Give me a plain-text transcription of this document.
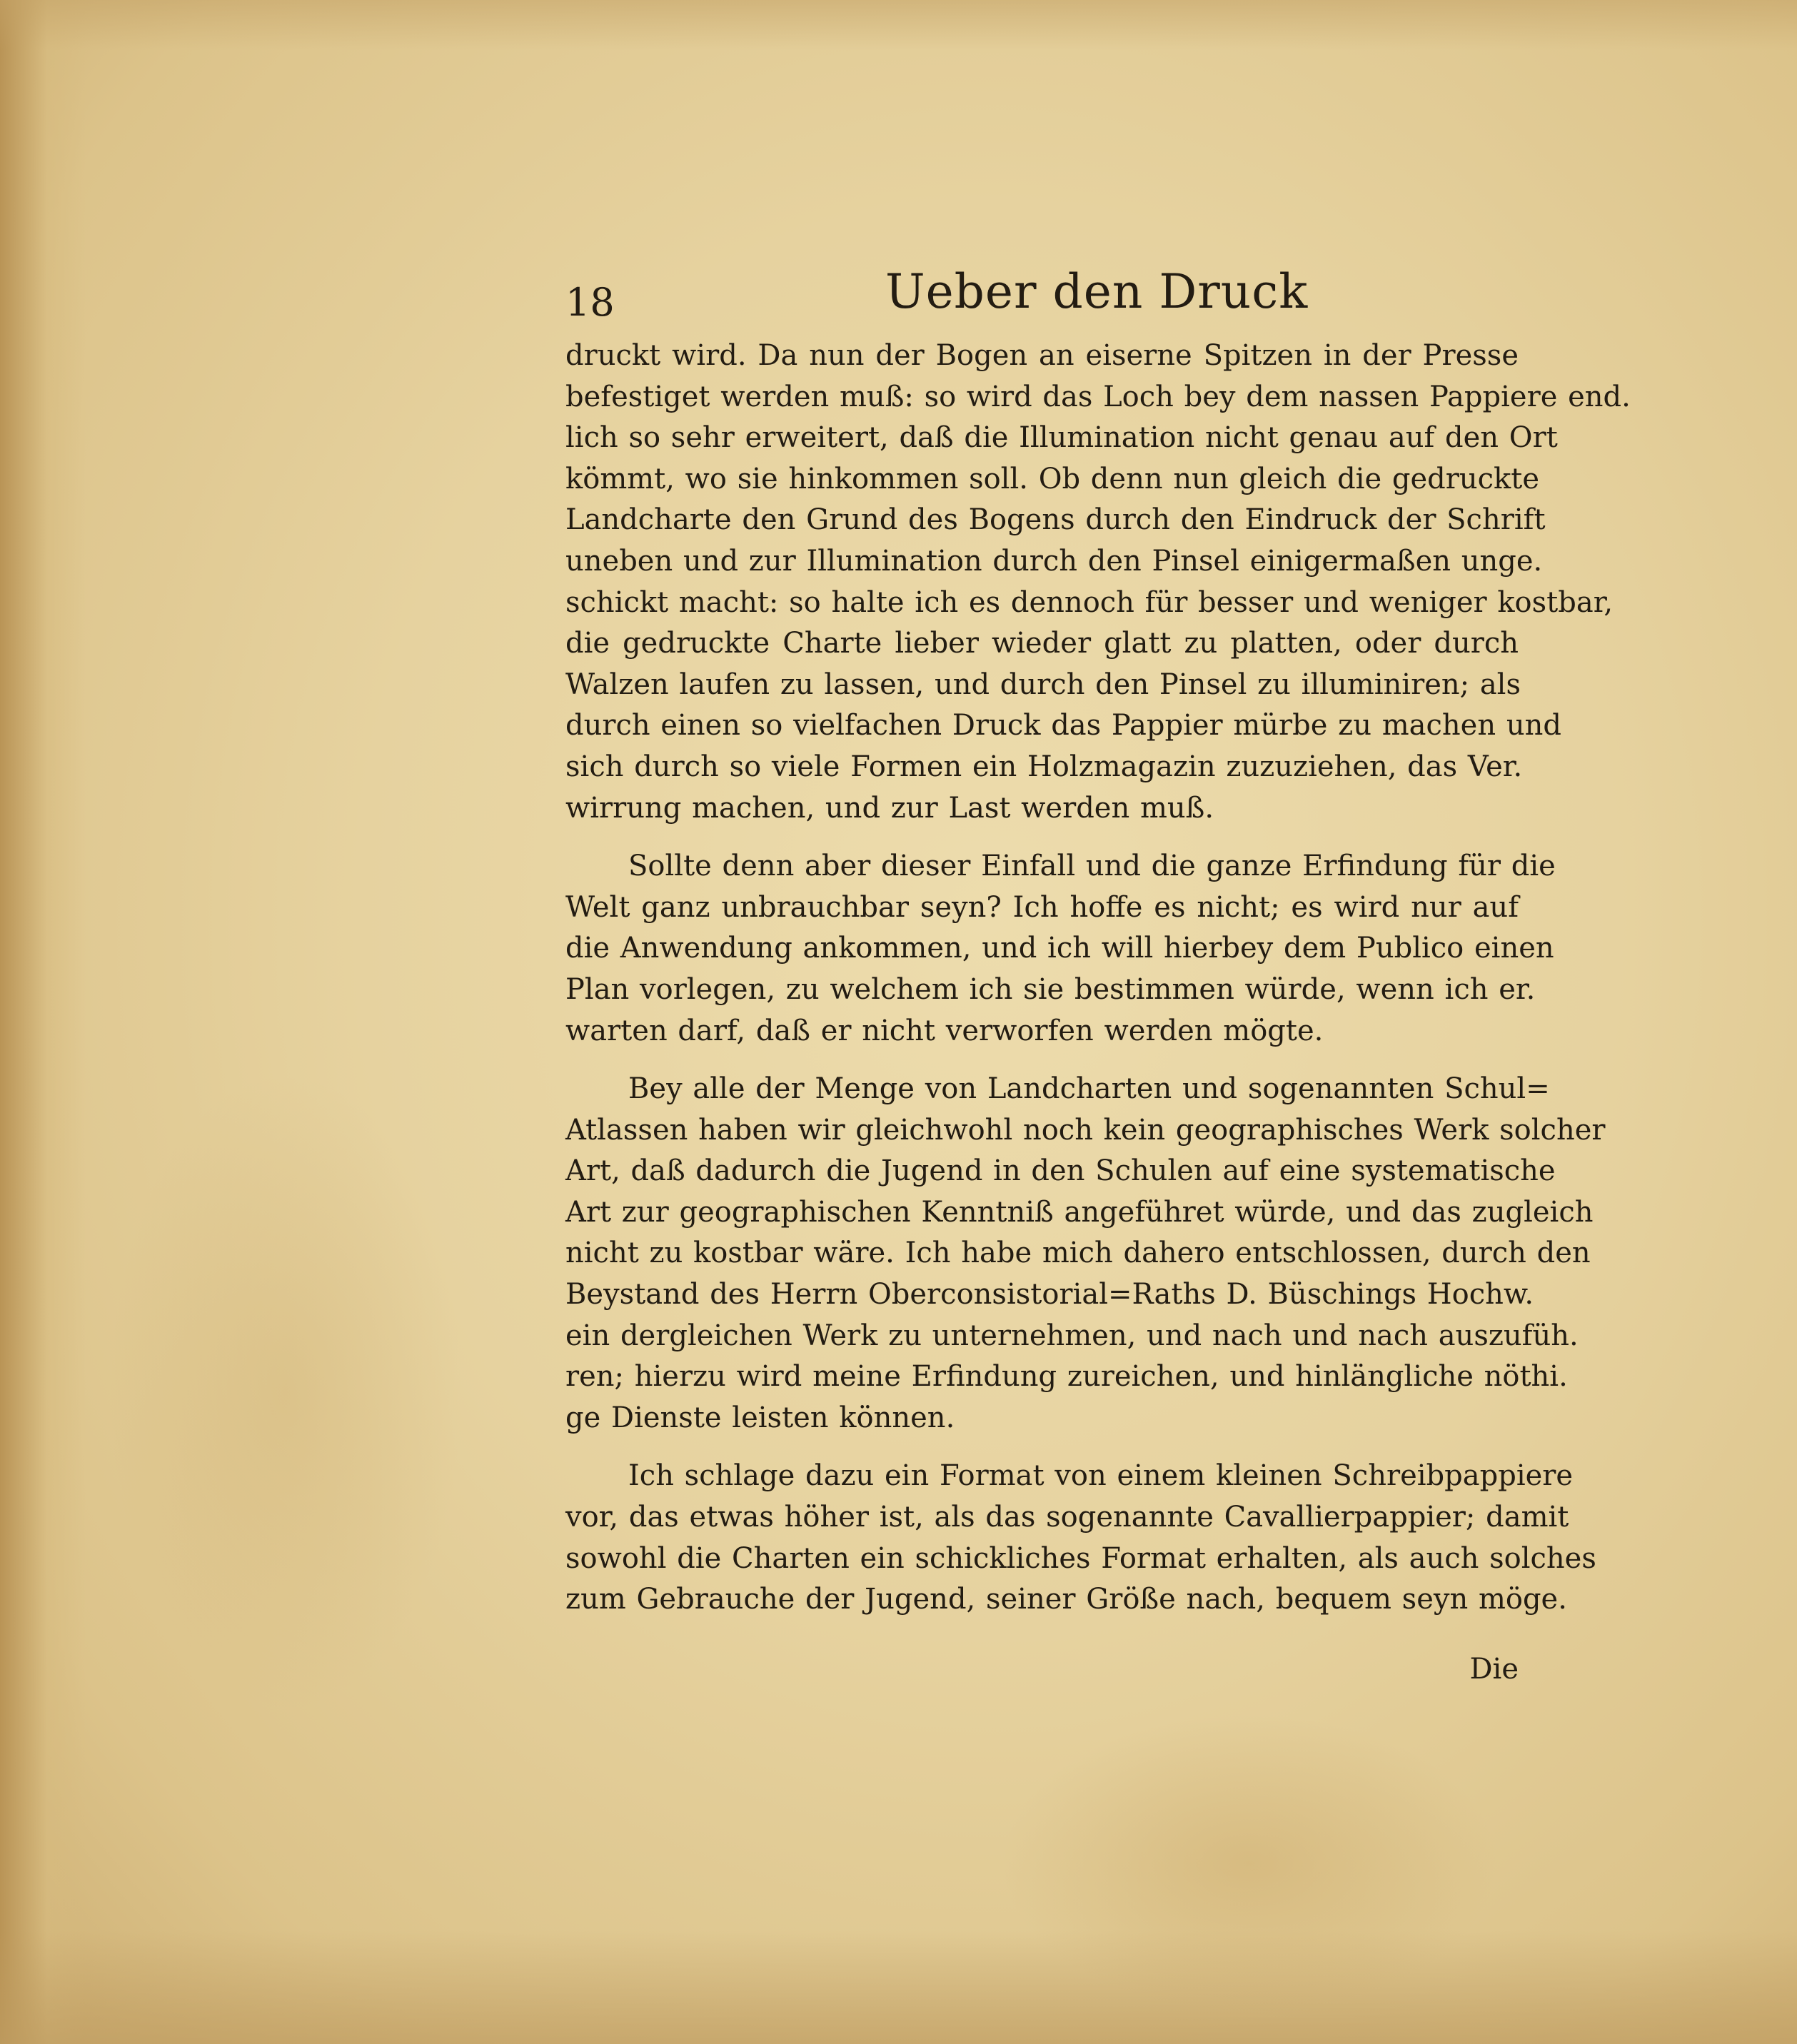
18	Ueber den Druck

druckt wird. Da nun der Bogen an eiserne Spitzen in der Presse
befestiget werden muß: so wird das Loch bey dem nassen Pappiere end.
lich so sehr erweitert, daß die Illumination nicht genau auf den Ort
kömmt, wo sie hinkommen soll. Ob denn nun gleich die gedruckte
Landcharte den Grund des Bogens durch den Eindruck der Schrift
uneben und zur Illumination durch den Pinsel einigermaßen unge.
schickt macht: so halte ich es dennoch für besser und weniger kostbar,
die gedruckte Charte lieber wieder glatt zu platten, oder durch
Walzen laufen zu lassen, und durch den Pinsel zu illuminiren; als
durch einen so vielfachen Druck das Pappier mürbe zu machen und
sich durch so viele Formen ein Holzmagazin zuzuziehen, das Ver.
wirrung machen, und zur Last werden muß.

Sollte denn aber dieser Einfall und die ganze Erfindung für die
Welt ganz unbrauchbar seyn? Ich hoffe es nicht; es wird nur auf
die Anwendung ankommen, und ich will hierbey dem Publico einen
Plan vorlegen, zu welchem ich sie bestimmen würde, wenn ich er.
warten darf, daß er nicht verworfen werden mögte.

Bey alle der Menge von Landcharten und sogenannten Schul=
Atlassen haben wir gleichwohl noch kein geographisches Werk solcher
Art, daß dadurch die Jugend in den Schulen auf eine systematische
Art zur geographischen Kenntniß angeführet würde, und das zugleich
nicht zu kostbar wäre. Ich habe mich dahero entschlossen, durch den
Beystand des Herrn Oberconsistorial=Raths D. Büschings Hochw.
ein dergleichen Werk zu unternehmen, und nach und nach auszufüh.
ren; hierzu wird meine Erfindung zureichen, und hinlängliche nöthi.
ge Dienste leisten können.

Ich schlage dazu ein Format von einem kleinen Schreibpappiere
vor, das etwas höher ist, als das sogenannte Cavallierpappier; damit
sowohl die Charten ein schickliches Format erhalten, als auch solches
zum Gebrauche der Jugend, seiner Größe nach, bequem seyn möge.

Die
